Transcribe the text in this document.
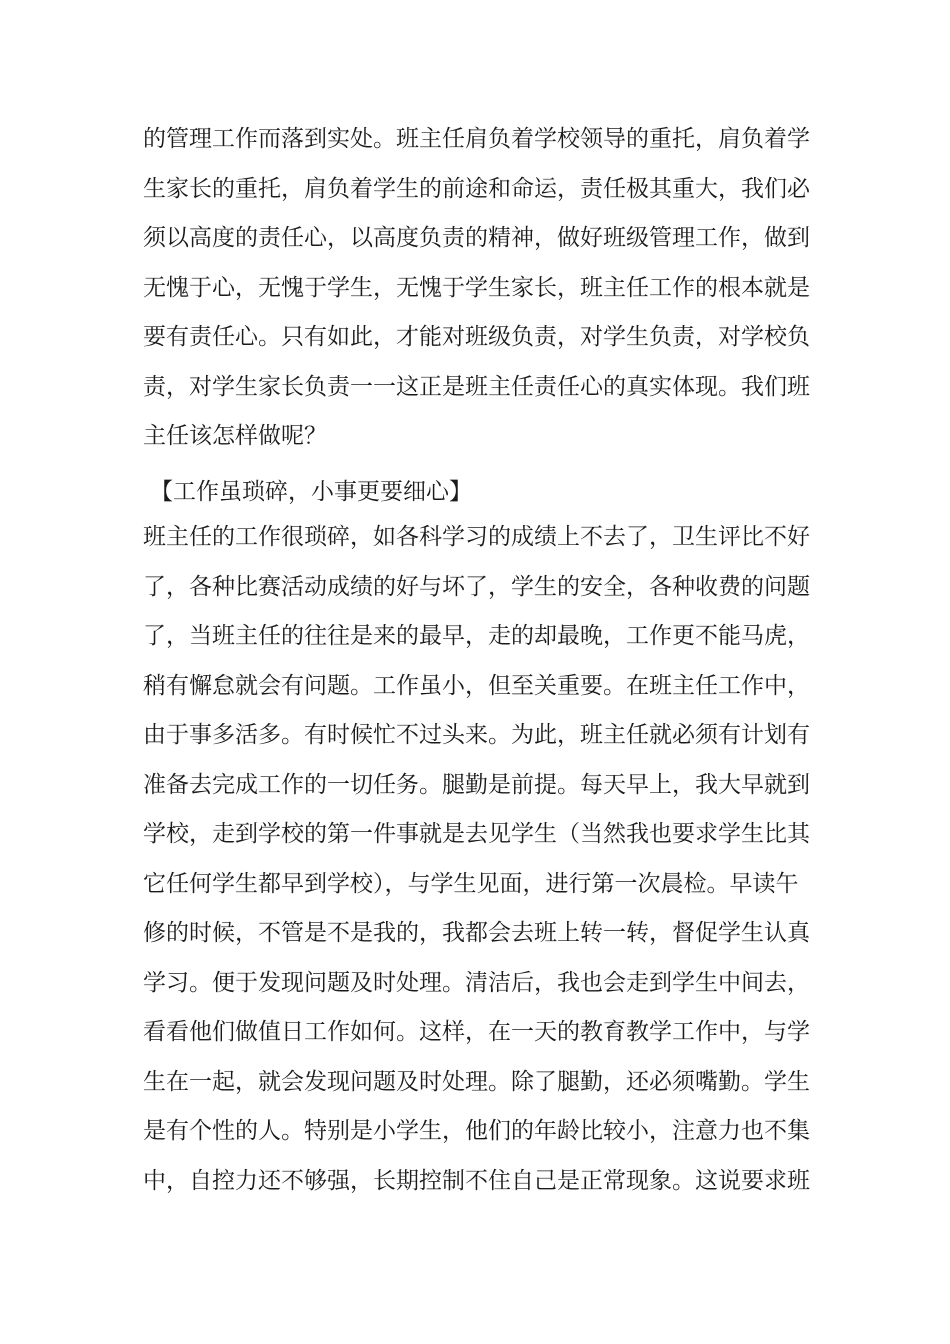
的管理工作而落到实处。班主任肩负着学校领导的重托，肩负着学
生家长的重托，肩负着学生的前途和命运，责任极其重大，我们必
须以高度的责任心，以高度负责的精神，做好班级管理工作，做到
无愧于心，无愧于学生，无愧于学生家长，班主任工作的根本就是
要有责任心。只有如此，才能对班级负责，对学生负责，对学校负
责，对学生家长负责一一这正是班主任责任心的真实体现。我们班
主任该怎样做呢？
【工作虽琐碎，小事更要细心】
班主任的工作很琐碎，如各科学习的成绩上不去了，卫生评比不好
了，各种比赛活动成绩的好与坏了，学生的安全，各种收费的问题
了，当班主任的往往是来的最早，走的却最晚，工作更不能马虎，
稍有懈怠就会有问题。工作虽小，但至关重要。在班主任工作中，
由于事多活多。有时候忙不过头来。为此，班主任就必须有计划有
准备去完成工作的一切任务。腿勤是前提。每天早上，我大早就到
学校，走到学校的第一件事就是去见学生（当然我也要求学生比其
它任何学生都早到学校），与学生见面，进行第一次晨检。早读午
修的时候，不管是不是我的，我都会去班上转一转，督促学生认真
学习。便于发现问题及时处理。清洁后，我也会走到学生中间去，
看看他们做值日工作如何。这样，在一天的教育教学工作中，与学
生在一起，就会发现问题及时处理。除了腿勤，还必须嘴勤。学生
是有个性的人。特别是小学生，他们的年龄比较小，注意力也不集
中，自控力还不够强，长期控制不住自己是正常现象。这说要求班
